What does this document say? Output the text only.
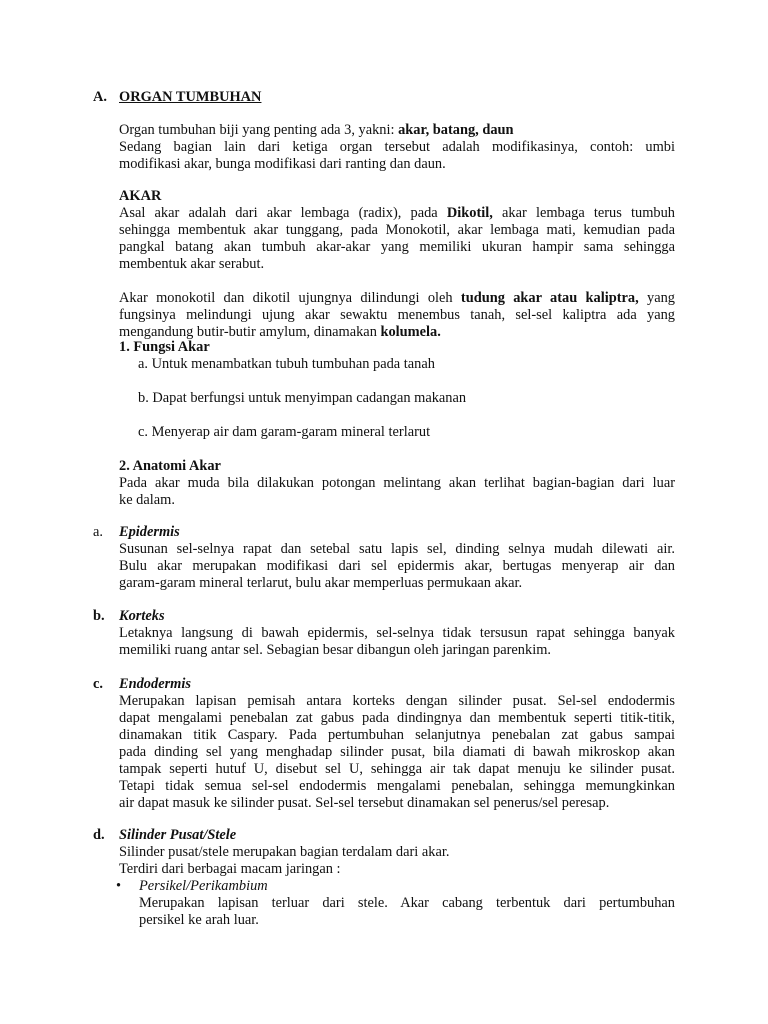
A. ORGAN TUMBUHAN
Organ tumbuhan biji yang penting ada 3, yakni: akar, batang, daun
Sedang bagian lain dari ketiga organ tersebut adalah modifikasinya, contoh: umbi
modifikasi akar, bunga modifikasi dari ranting dan daun.
AKAR
Asal akar adalah dari akar lembaga (radix), pada Dikotil, akar lembaga terus tumbuh
sehingga membentuk akar tunggang, pada Monokotil, akar lembaga mati, kemudian pada
pangkal batang akan tumbuh akar-akar yang memiliki ukuran hampir sama sehingga
membentuk akar serabut.
Akar monokotil dan dikotil ujungnya dilindungi oleh tudung akar atau kaliptra, yang
fungsinya melindungi ujung akar sewaktu menembus tanah, sel-sel kaliptra ada yang
mengandung butir-butir amylum, dinamakan kolumela.
1. Fungsi Akar
a. Untuk menambatkan tubuh tumbuhan pada tanah
b. Dapat berfungsi untuk menyimpan cadangan makanan
c. Menyerap air dam garam-garam mineral terlarut
2. Anatomi Akar
Pada akar muda bila dilakukan potongan melintang akan terlihat bagian-bagian dari luar
ke dalam.
a. Epidermis
Susunan sel-selnya rapat dan setebal satu lapis sel, dinding selnya mudah dilewati air.
Bulu akar merupakan modifikasi dari sel epidermis akar, bertugas menyerap air dan
garam-garam mineral terlarut, bulu akar memperluas permukaan akar.
b. Korteks
Letaknya langsung di bawah epidermis, sel-selnya tidak tersusun rapat sehingga banyak
memiliki ruang antar sel. Sebagian besar dibangun oleh jaringan parenkim.
c. Endodermis
Merupakan lapisan pemisah antara korteks dengan silinder pusat. Sel-sel endodermis
dapat mengalami penebalan zat gabus pada dindingnya dan membentuk seperti titik-titik,
dinamakan titik Caspary. Pada pertumbuhan selanjutnya penebalan zat gabus sampai
pada dinding sel yang menghadap silinder pusat, bila diamati di bawah mikroskop akan
tampak seperti hutuf U, disebut sel U, sehingga air tak dapat menuju ke silinder pusat.
Tetapi tidak semua sel-sel endodermis mengalami penebalan, sehingga memungkinkan
air dapat masuk ke silinder pusat. Sel-sel tersebut dinamakan sel penerus/sel peresap.
d. Silinder Pusat/Stele
Silinder pusat/stele merupakan bagian terdalam dari akar.
Terdiri dari berbagai macam jaringan :
• Persikel/Perikambium
Merupakan lapisan terluar dari stele. Akar cabang terbentuk dari pertumbuhan
persikel ke arah luar.
